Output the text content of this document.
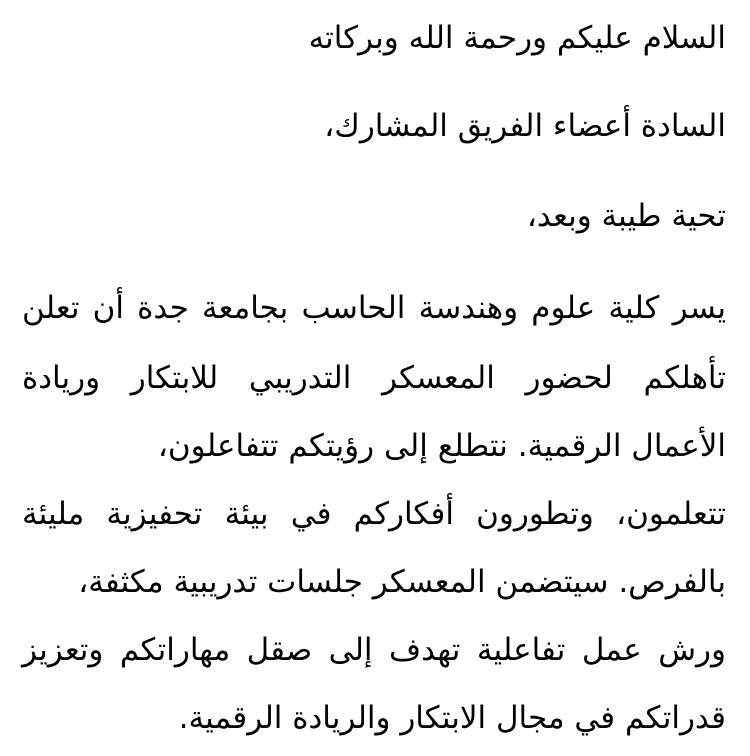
السلام عليكم ورحمة الله وبركاته
السادة أعضاء الفريق المشارك،
تحية طيبة وبعد،
يسر كلية علوم وهندسة الحاسب بجامعة جدة أن تعلن
تأهلكم لحضور المعسكر التدريبي للابتكار وريادة
الأعمال الرقمية. نتطلع إلى رؤيتكم تتفاعلون،
تتعلمون، وتطورون أفكاركم في بيئة تحفيزية مليئة
بالفرص. سيتضمن المعسكر جلسات تدريبية مكثفة،
ورش عمل تفاعلية تهدف إلى صقل مهاراتكم وتعزيز
قدراتكم في مجال الابتكار والريادة الرقمية.
